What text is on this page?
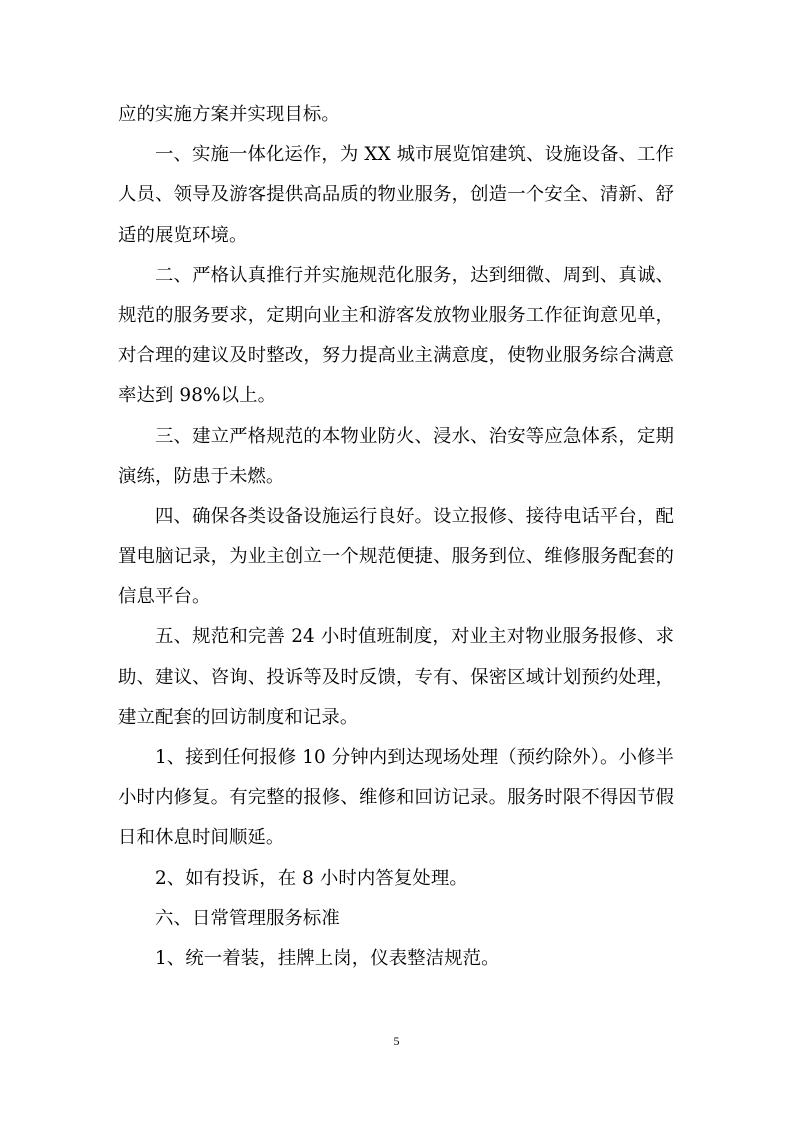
应的实施方案并实现目标。
一、实施一体化运作，为 XX 城市展览馆建筑、设施设备、工作
人员、领导及游客提供高品质的物业服务，创造一个安全、清新、舒
适的展览环境。
二、严格认真推行并实施规范化服务，达到细微、周到、真诚、
规范的服务要求，定期向业主和游客发放物业服务工作征询意见单，
对合理的建议及时整改，努力提高业主满意度，使物业服务综合满意
率达到 98%以上。
三、建立严格规范的本物业防火、浸水、治安等应急体系，定期
演练，防患于未燃。
四、确保各类设备设施运行良好。设立报修、接待电话平台，配
置电脑记录，为业主创立一个规范便捷、服务到位、维修服务配套的
信息平台。
五、规范和完善 24 小时值班制度，对业主对物业服务报修、求
助、建议、咨询、投诉等及时反馈，专有、保密区域计划预约处理，
建立配套的回访制度和记录。
1、接到任何报修 10 分钟内到达现场处理（预约除外）。小修半
小时内修复。有完整的报修、维修和回访记录。服务时限不得因节假
日和休息时间顺延。
2、如有投诉，在 8 小时内答复处理。
六、日常管理服务标准
1、统一着装，挂牌上岗，仪表整洁规范。
5
